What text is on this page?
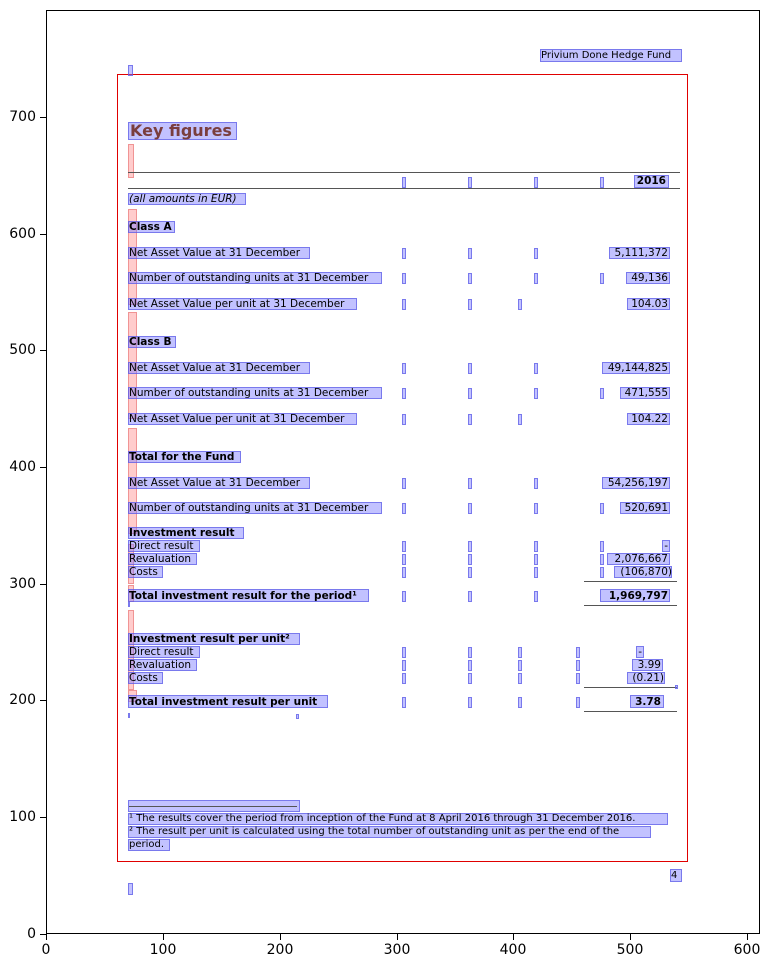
0
100
200
300
400
500
600
700
0	100	200	300	400	500	600
Privium Done Hedge Fund
Key figures
2016
(all amounts in EUR)
Class A
Net Asset Value at 31 December	5,111,372
Number of outstanding units at 31 December	49,136
Net Asset Value per unit at 31 December	104.03
Class B
Net Asset Value at 31 December	49,144,825
Number of outstanding units at 31 December	471,555
Net Asset Value per unit at 31 December	104.22
Total for the Fund
Net Asset Value at 31 December	54,256,197
Number of outstanding units at 31 December	520,691
Investment result
Direct result	-
Revaluation	2,076,667
Costs	(106,870)
Total investment result for the period¹	1,969,797
Investment result per unit²
Direct result	-
Revaluation	3.99
Costs	(0.21)
Total investment result per unit	3.78
¹ The results cover the period from inception of the Fund at 8 April 2016 through 31 December 2016.
² The result per unit is calculated using the total number of outstanding unit as per the end of the
period.
4
